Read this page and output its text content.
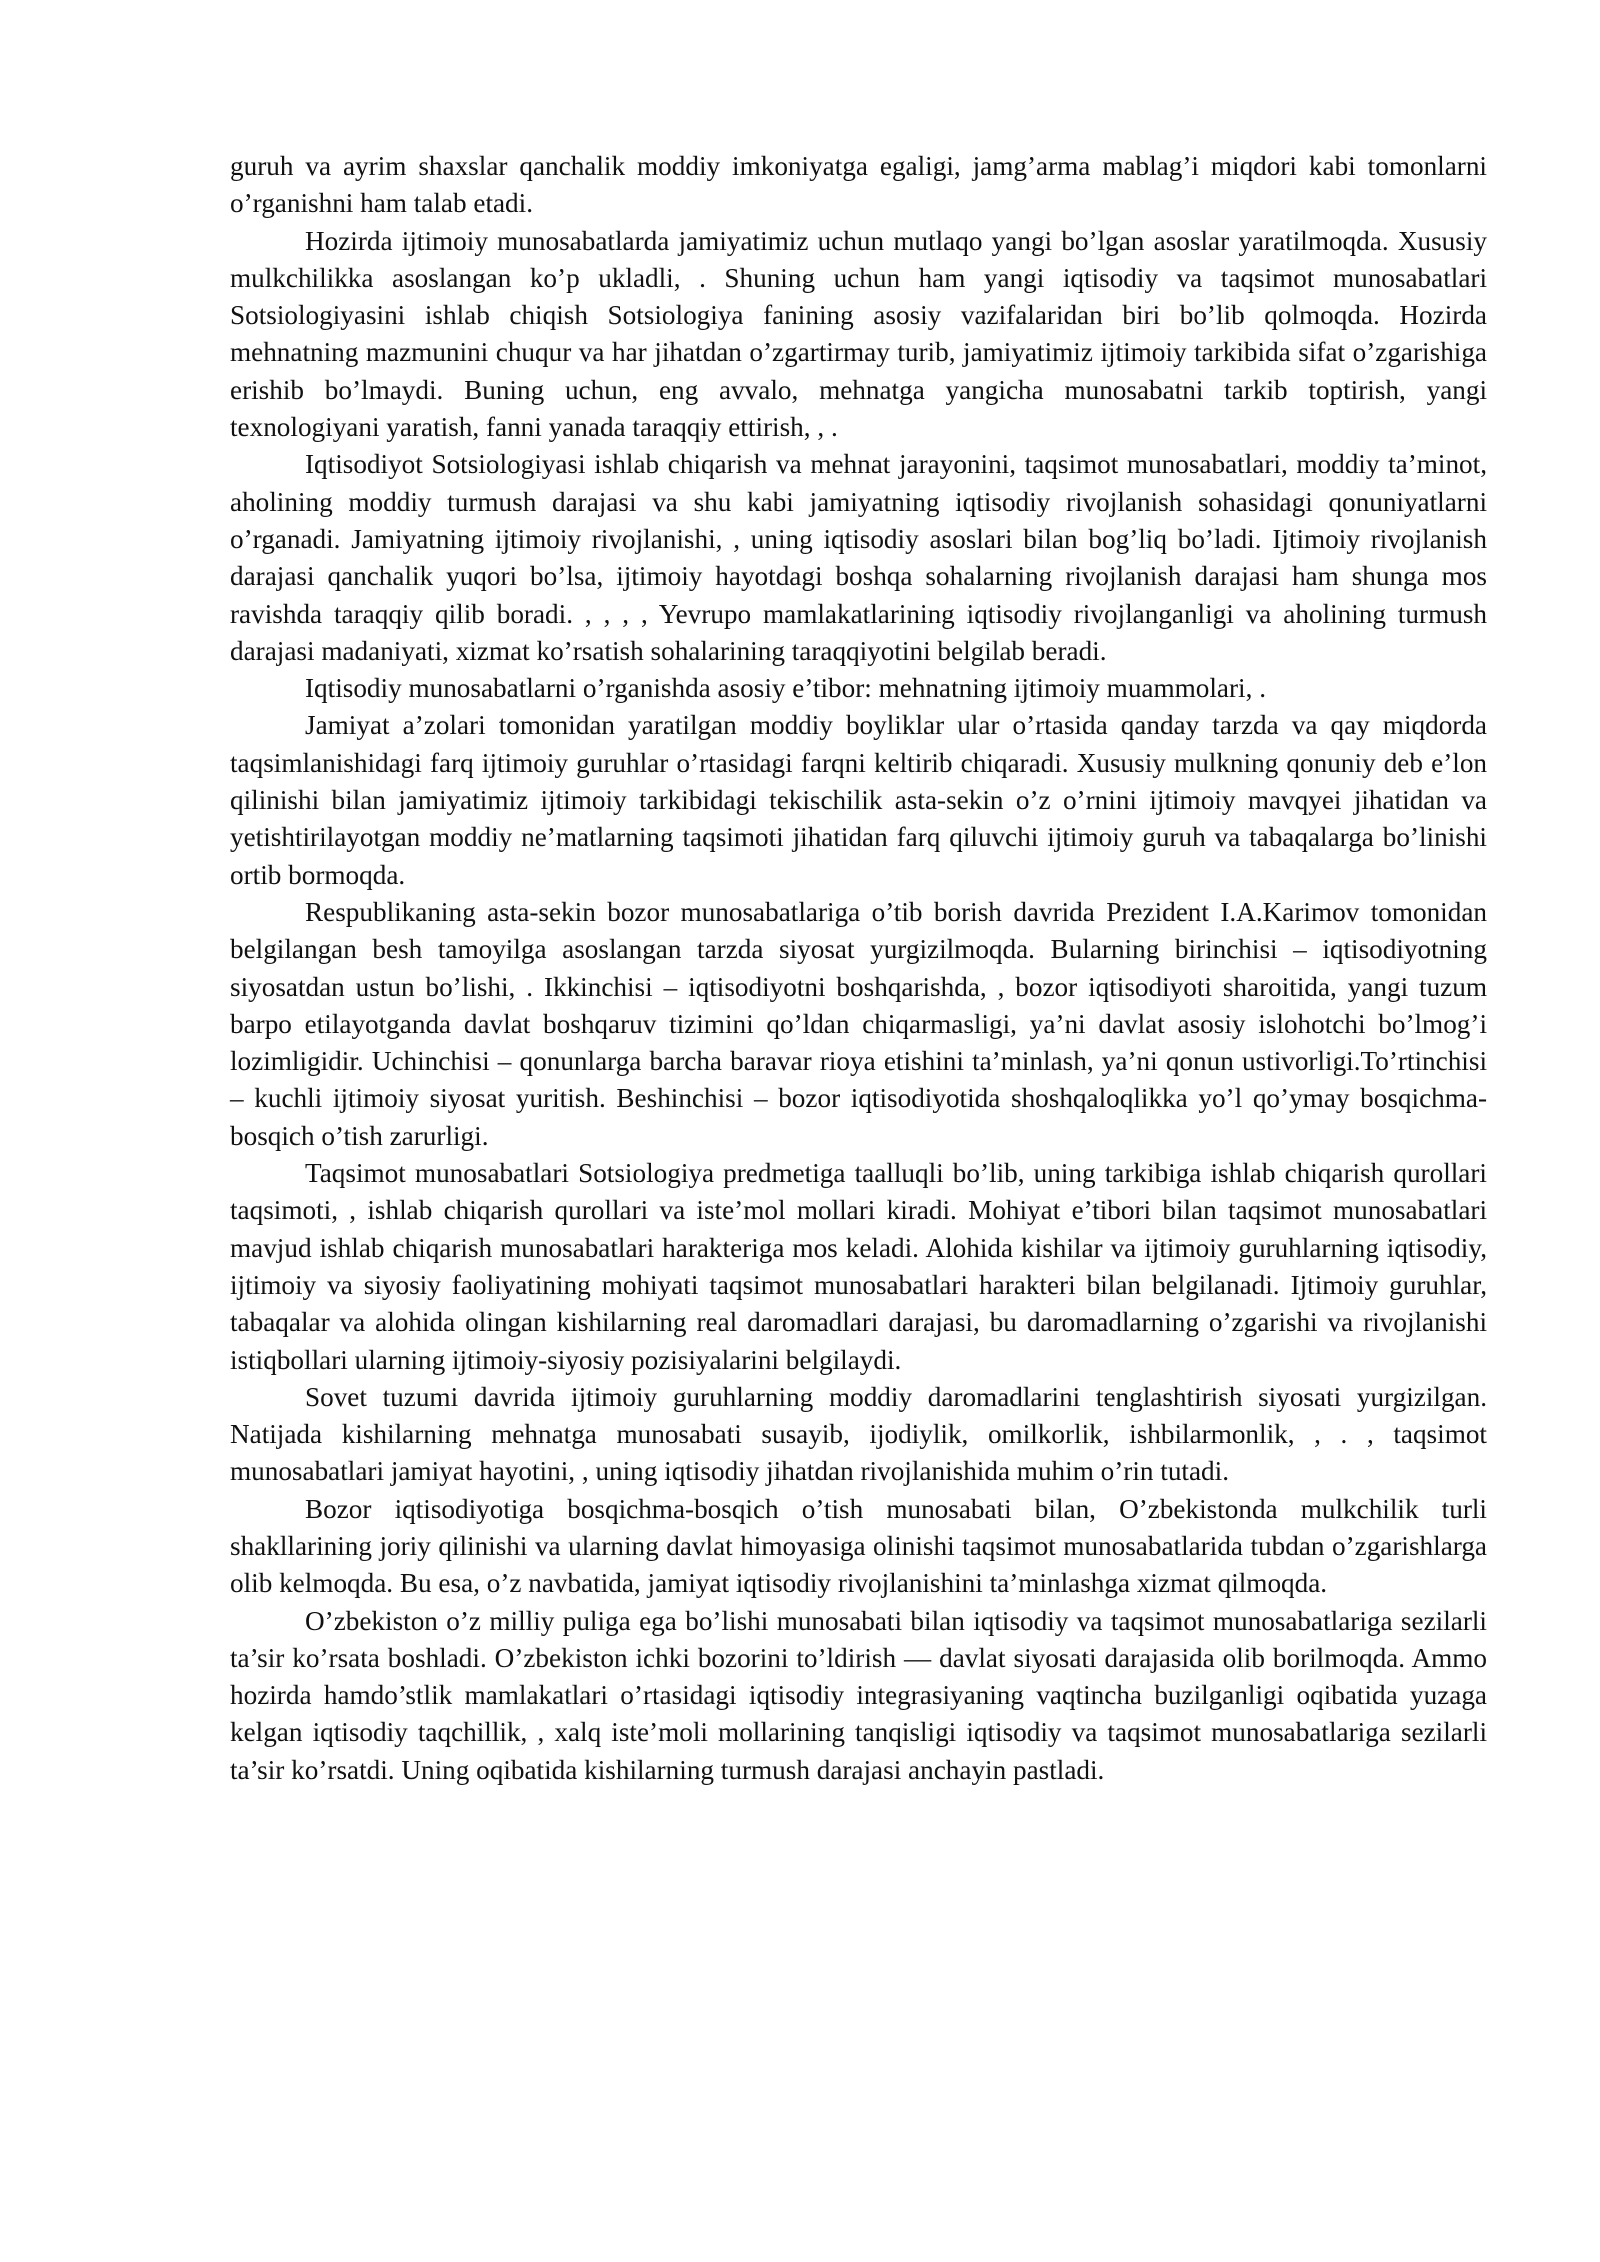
guruh va ayrim shaxslar qanchalik moddiy imkoniyatga egaligi, jamg’arma mablag’i miqdori kabi tomonlarni o’rganishni ham talab etadi.

Hozirda ijtimoiy munosabatlarda jamiyatimiz uchun mutlaqo yangi bo’lgan asoslar yaratilmoqda. Xususiy mulkchilikka asoslangan ko’p ukladli, . Shuning uchun ham yangi iqtisodiy va taqsimot munosabatlari Sotsiologiyasini ishlab chiqish Sotsiologiya fanining asosiy vazifalaridan biri bo’lib qolmoqda. Hozirda mehnatning mazmunini chuqur va har jihatdan o’zgartirmay turib, jamiyatimiz ijtimoiy tarkibida sifat o’zgarishiga erishib bo’lmaydi. Buning uchun, eng avvalo, mehnatga yangicha munosabatni tarkib toptirish, yangi texnologiyani yaratish, fanni yanada taraqqiy ettirish, , .

Iqtisodiyot Sotsiologiyasi ishlab chiqarish va mehnat jarayonini, taqsimot munosabatlari, moddiy ta’minot, aholining moddiy turmush darajasi va shu kabi jamiyatning iqtisodiy rivojlanish sohasidagi qonuniyatlarni o’rganadi. Jamiyatning ijtimoiy rivojlanishi, , uning iqtisodiy asoslari bilan bog’liq bo’ladi. Ijtimoiy rivojlanish darajasi qanchalik yuqori bo’lsa, ijtimoiy hayotdagi boshqa sohalarning rivojlanish darajasi ham shunga mos ravishda taraqqiy qilib boradi. , , , , Yevrupo mamlakatlarining iqtisodiy rivojlanganligi va aholining turmush darajasi madaniyati, xizmat ko’rsatish sohalarining taraqqiyotini belgilab beradi.

Iqtisodiy munosabatlarni o’rganishda asosiy e’tibor: mehnatning ijtimoiy muammolari, .

Jamiyat a’zolari tomonidan yaratilgan moddiy boyliklar ular o’rtasida qanday tarzda va qay miqdorda taqsimlanishidagi farq ijtimoiy guruhlar o’rtasidagi farqni keltirib chiqaradi. Xususiy mulkning qonuniy deb e’lon qilinishi bilan jamiyatimiz ijtimoiy tarkibidagi tekischilik asta-sekin o’z o’rnini ijtimoiy mavqyei jihatidan va yetishtirilayotgan moddiy ne’matlarning taqsimoti jihatidan farq qiluvchi ijtimoiy guruh va tabaqalarga bo’linishi ortib bormoqda.

Respublikaning asta-sekin bozor munosabatlariga o’tib borish davrida Prezident I.A.Karimov tomonidan belgilangan besh tamoyilga asoslangan tarzda siyosat yurgizilmoqda. Bularning birinchisi – iqtisodiyotning siyosatdan ustun bo’lishi, . Ikkinchisi – iqtisodiyotni boshqarishda, , bozor iqtisodiyoti sharoitida, yangi tuzum barpo etilayotganda davlat boshqaruv tizimini qo’ldan chiqarmasligi, ya’ni davlat asosiy islohotchi bo’lmog’i lozimligidir. Uchinchisi – qonunlarga barcha baravar rioya etishini ta’minlash, ya’ni qonun ustivorligi.To’rtinchisi – kuchli ijtimoiy siyosat yuritish. Beshinchisi – bozor iqtisodiyotida shoshqaloqlikka yo’l qo’ymay bosqichma-bosqich o’tish zarurligi.

Taqsimot munosabatlari Sotsiologiya predmetiga taalluqli bo’lib, uning tarkibiga ishlab chiqarish qurollari taqsimoti, , ishlab chiqarish qurollari va iste’mol mollari kiradi. Mohiyat e’tibori bilan taqsimot munosabatlari mavjud ishlab chiqarish munosabatlari harakteriga mos keladi. Alohida kishilar va ijtimoiy guruhlarning iqtisodiy, ijtimoiy va siyosiy faoliyatining mohiyati taqsimot munosabatlari harakteri bilan belgilanadi. Ijtimoiy guruhlar, tabaqalar va alohida olingan kishilarning real daromadlari darajasi, bu daromadlarning o’zgarishi va rivojlanishi istiqbollari ularning ijtimoiy-siyosiy pozisiyalarini belgilaydi.

Sovet tuzumi davrida ijtimoiy guruhlarning moddiy daromadlarini tenglashtirish siyosati yurgizilgan. Natijada kishilarning mehnatga munosabati susayib, ijodiylik, omilkorlik, ishbilarmonlik, , . , taqsimot munosabatlari jamiyat hayotini, , uning iqtisodiy jihatdan rivojlanishida muhim o’rin tutadi.

Bozor iqtisodiyotiga bosqichma-bosqich o’tish munosabati bilan, O’zbekistonda mulkchilik turli shakllarining joriy qilinishi va ularning davlat himoyasiga olinishi taqsimot munosabatlarida tubdan o’zgarishlarga olib kelmoqda. Bu esa, o’z navbatida, jamiyat iqtisodiy rivojlanishini ta’minlashga xizmat qilmoqda.

O’zbekiston o’z milliy puliga ega bo’lishi munosabati bilan iqtisodiy va taqsimot munosabatlariga sezilarli ta’sir ko’rsata boshladi. O’zbekiston ichki bozorini to’ldirish — davlat siyosati darajasida olib borilmoqda. Ammo hozirda hamdo’stlik mamlakatlari o’rtasidagi iqtisodiy integrasiyaning vaqtincha buzilganligi oqibatida yuzaga kelgan iqtisodiy taqchillik, , xalq iste’moli mollarining tanqisligi iqtisodiy va taqsimot munosabatlariga sezilarli ta’sir ko’rsatdi. Uning oqibatida kishilarning turmush darajasi anchayin pastladi.
